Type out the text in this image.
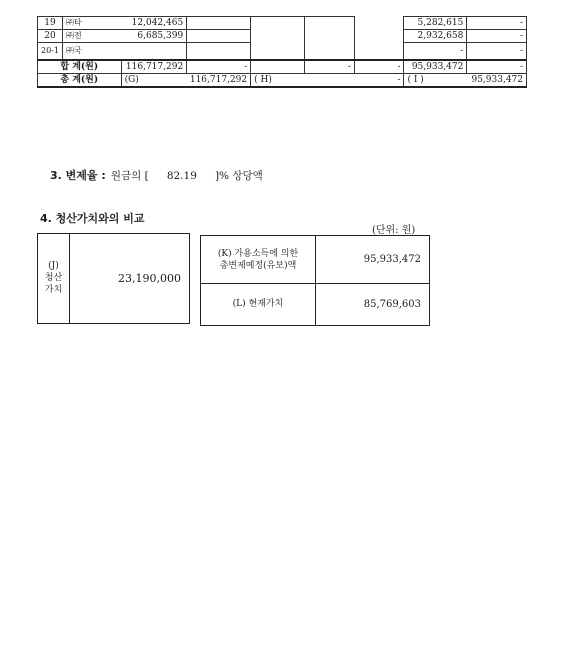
19	㈜타	12,042,465					5,282,615	-
20	㈜전	6,685,399					2,932,658	-
20-1	㈜국						-	-
합 계(원)		116,717,292	-		-	-	95,933,472	-
총 계(원)		(G)	116,717,292	( H)	-		( I )	95,933,472
3. 변제율 : 원금의 [ 82.19 ]% 상당액
4. 청산가치와의 비교
(단위: 원)
(J)
청산
가치
23,190,000
(K) 가용소득에 의한
총변제예정(유보)액
95,933,472
(L) 현재가치	85,769,603
